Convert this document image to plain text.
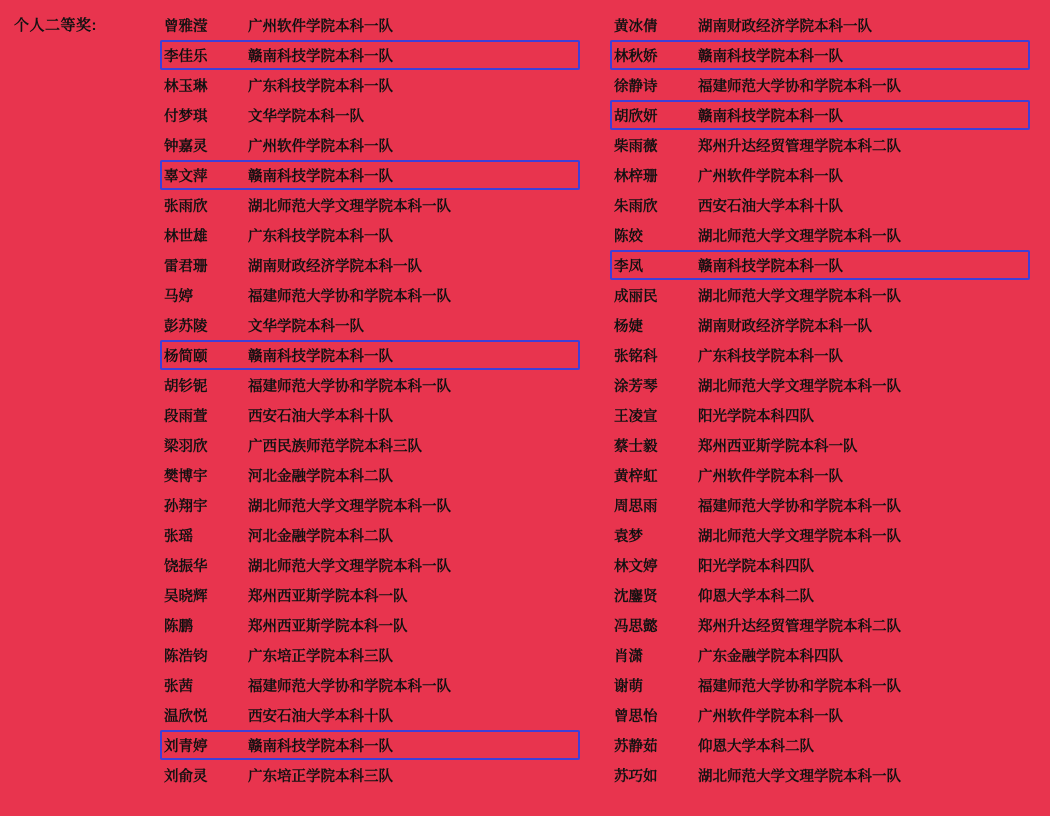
个人二等奖:	曾雅滢	广州软件学院本科一队
李佳乐	赣南科技学院本科一队
林玉琳	广东科技学院本科一队
付梦琪	文华学院本科一队
钟嘉灵	广州软件学院本科一队
辜文萍	赣南科技学院本科一队
张雨欣	湖北师范大学文理学院本科一队
林世雄	广东科技学院本科一队
雷君珊	湖南财政经济学院本科一队
马婷	福建师范大学协和学院本科一队
彭苏陵	文华学院本科一队
杨简颐	赣南科技学院本科一队
胡钐铌	福建师范大学协和学院本科一队
段雨萱	西安石油大学本科十队
梁羽欣	广西民族师范学院本科三队
樊博宇	河北金融学院本科二队
孙翔宇	湖北师范大学文理学院本科一队
张瑶	河北金融学院本科二队
饶振华	湖北师范大学文理学院本科一队
吴晓辉	郑州西亚斯学院本科一队
陈鹏	郑州西亚斯学院本科一队
陈浩钧	广东培正学院本科三队
张茜	福建师范大学协和学院本科一队
温欣悦	西安石油大学本科十队
刘青婷	赣南科技学院本科一队
刘俞灵	广东培正学院本科三队
黄冰倩	湖南财政经济学院本科一队
林秋娇	赣南科技学院本科一队
徐静诗	福建师范大学协和学院本科一队
胡欣妍	赣南科技学院本科一队
柴雨薇	郑州升达经贸管理学院本科二队
林梓珊	广州软件学院本科一队
朱雨欣	西安石油大学本科十队
陈姣	湖北师范大学文理学院本科一队
李凤	赣南科技学院本科一队
成丽民	湖北师范大学文理学院本科一队
杨婕	湖南财政经济学院本科一队
张铭科	广东科技学院本科一队
涂芳琴	湖北师范大学文理学院本科一队
王凌宣	阳光学院本科四队
蔡士毅	郑州西亚斯学院本科一队
黄梓虹	广州软件学院本科一队
周思雨	福建师范大学协和学院本科一队
袁梦	湖北师范大学文理学院本科一队
林文婷	阳光学院本科四队
沈鏖贤	仰恩大学本科二队
冯思懿	郑州升达经贸管理学院本科二队
肖潇	广东金融学院本科四队
谢萌	福建师范大学协和学院本科一队
曾思怡	广州软件学院本科一队
苏静茹	仰恩大学本科二队
苏巧如	湖北师范大学文理学院本科一队
